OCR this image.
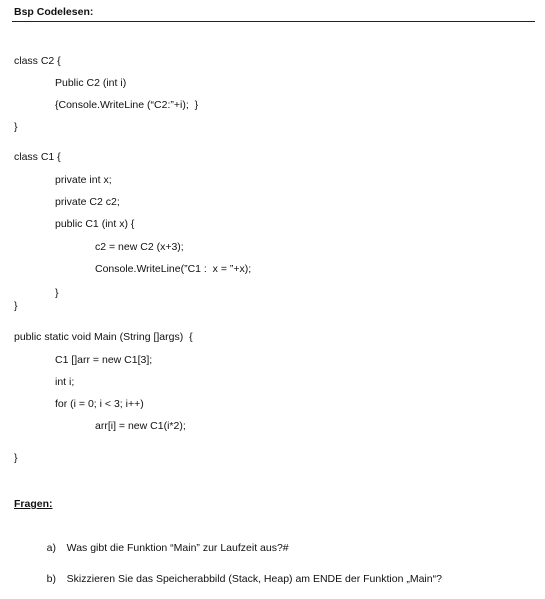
Bsp Codelesen:
class C2 {
Public C2 (int i)
{Console.WriteLine (“C2:”+i);  }
}
class C1 {
private int x;
private C2 c2;
public C1 (int x) {
c2 = new C2 (x+3);
Console.WriteLine(”C1 :  x = ”+x);
}
}
public static void Main (String []args)  {
C1 []arr = new C1[3];
int i;
for (i = 0; i < 3; i++)
arr[i] = new C1(i*2);
}
Fragen:

a) Was gibt die Funktion “Main” zur Laufzeit aus?#

b) Skizzieren Sie das Speicherabbild (Stack, Heap) am ENDE der Funktion „Main“?
